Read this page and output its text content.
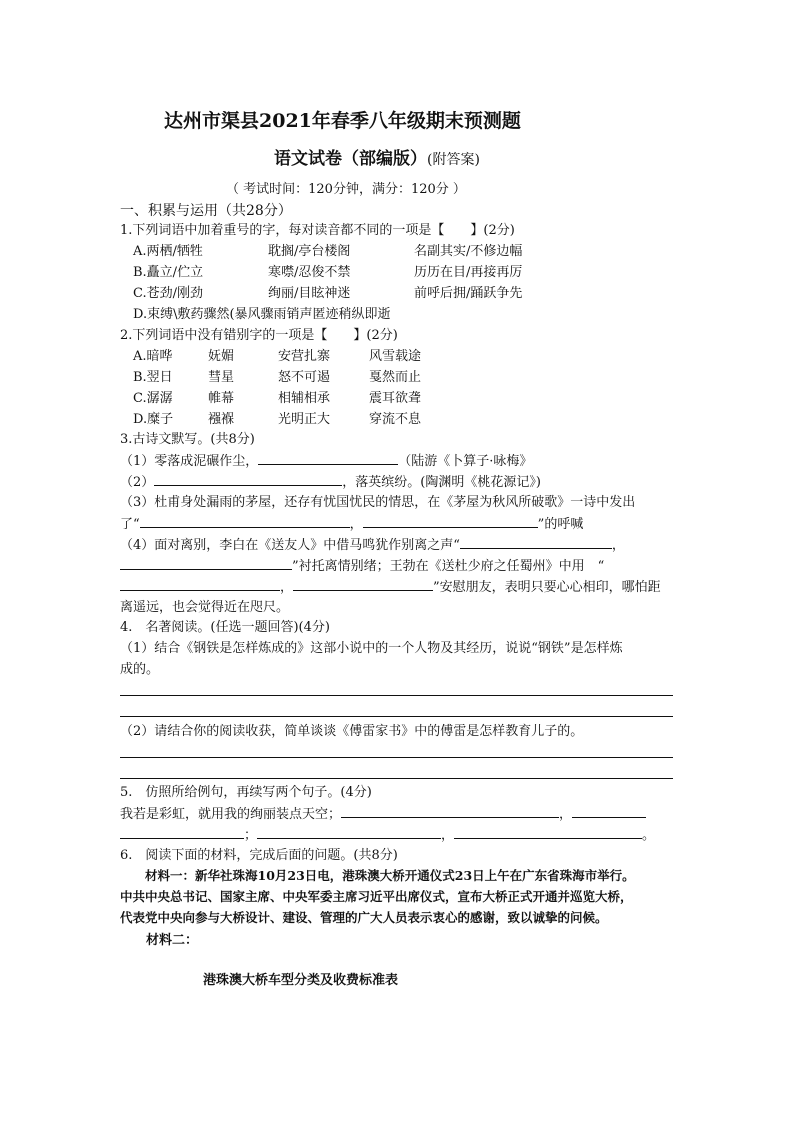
达州市渠县2021年春季八年级期末预测题
语文试卷（部编版）(附答案)
（ 考试时间：120分钟，满分：120分 ）
一、积累与运用（共28分）
1.下列词语中加着重号的字，每对读音都不同的一项是【　　】(2分)
A.两栖/牺牲	耽搁/亭台楼阁	名副其实/不修边幅
B.矗立/伫立	寒噤/忍俊不禁	历历在目/再接再厉
C.苍劲/刚劲	绚丽/目眩神迷	前呼后拥/踊跃争先
D.束缚\敷药骤然(暴风骤雨销声匿迹稍纵即逝
2.下列词语中没有错别字的一项是【　　】(2分)
A.暗哗	妩媚	安营扎寨	风雪载途
B.翌日	彗星	怒不可遏	戛然而止
C.潺潺	帷幕	相辅相承	震耳欲聋
D.糜子	襁褓	光明正大	穿流不息
3.古诗文默写。(共8分)
（1）零落成泥碾作尘，	（陆游《卜算子·咏梅》
（2）	，落英缤纷。(陶渊明《桃花源记》)
（3）杜甫身处漏雨的茅屋，还存有忧国忧民的情思，在《茅屋为秋风所破歌》一诗中发出
了“	，	”的呼喊
（4）面对离别，李白在《送友人》中借马鸣犹作别离之声“	，
”衬托离情别绪；王勃在《送杜少府之任蜀州》中用　“
，	”安慰朋友，表明只要心心相印，哪怕距
离遥远，也会觉得近在咫尺。
4.　名著阅读。(任选一题回答)(4分)
（1）结合《钢铁是怎样炼成的》这部小说中的一个人物及其经历，说说“钢铁”是怎样炼
成的。
（2）请结合你的阅读收获，简单谈谈《傅雷家书》中的傅雷是怎样教育儿子的。
5.　仿照所给例句，再续写两个句子。(4分)
我若是彩虹，就用我的绚丽装点天空；	，
；	，	。
6.　阅读下面的材料，完成后面的问题。(共8分)
　　材料一：新华社珠海10月23日电，港珠澳大桥开通仪式23日上午在广东省珠海市举行。
中共中央总书记、国家主席、中央军委主席习近平出席仪式，宣布大桥正式开通并巡览大桥，
代表党中央向参与大桥设计、建设、管理的广大人员表示衷心的感谢，致以诚挚的问候。
　　材料二：
港珠澳大桥车型分类及收费标准表
